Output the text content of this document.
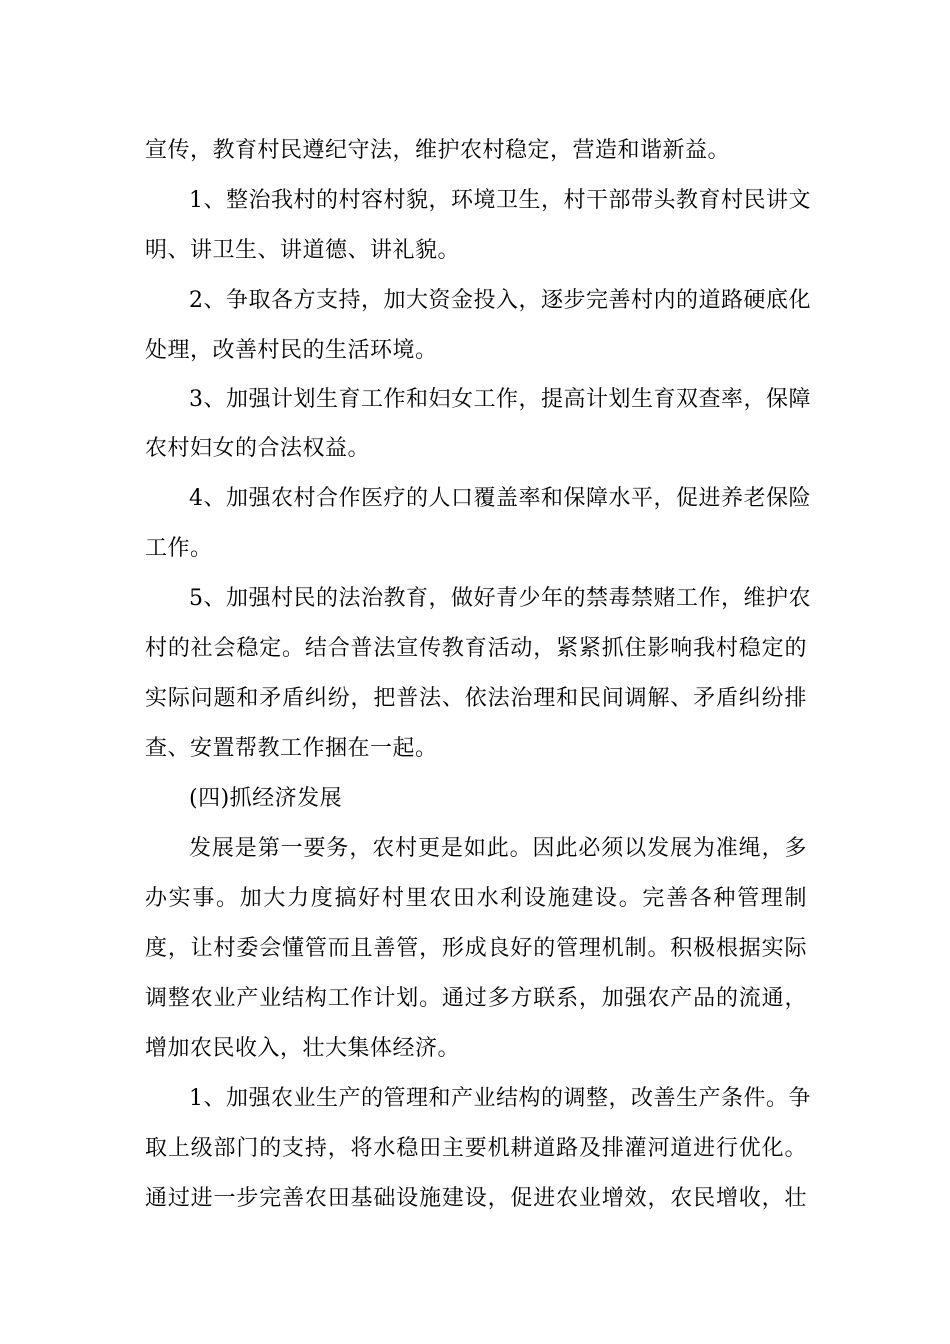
宣传，教育村民遵纪守法，维护农村稳定，营造和谐新益。
1、整治我村的村容村貌，环境卫生，村干部带头教育村民讲文
明、讲卫生、讲道德、讲礼貌。
2、争取各方支持，加大资金投入，逐步完善村内的道路硬底化
处理，改善村民的生活环境。
3、加强计划生育工作和妇女工作，提高计划生育双查率，保障
农村妇女的合法权益。
4、加强农村合作医疗的人口覆盖率和保障水平，促进养老保险
工作。
5、加强村民的法治教育，做好青少年的禁毒禁赌工作，维护农
村的社会稳定。结合普法宣传教育活动，紧紧抓住影响我村稳定的
实际问题和矛盾纠纷，把普法、依法治理和民间调解、矛盾纠纷排
查、安置帮教工作捆在一起。
(四)抓经济发展
发展是第一要务，农村更是如此。因此必须以发展为准绳，多
办实事。加大力度搞好村里农田水利设施建设。完善各种管理制
度，让村委会懂管而且善管，形成良好的管理机制。积极根据实际
调整农业产业结构工作计划。通过多方联系，加强农产品的流通，
增加农民收入，壮大集体经济。
1、加强农业生产的管理和产业结构的调整，改善生产条件。争
取上级部门的支持，将水稳田主要机耕道路及排灌河道进行优化。
通过进一步完善农田基础设施建设，促进农业增效，农民增收，壮
